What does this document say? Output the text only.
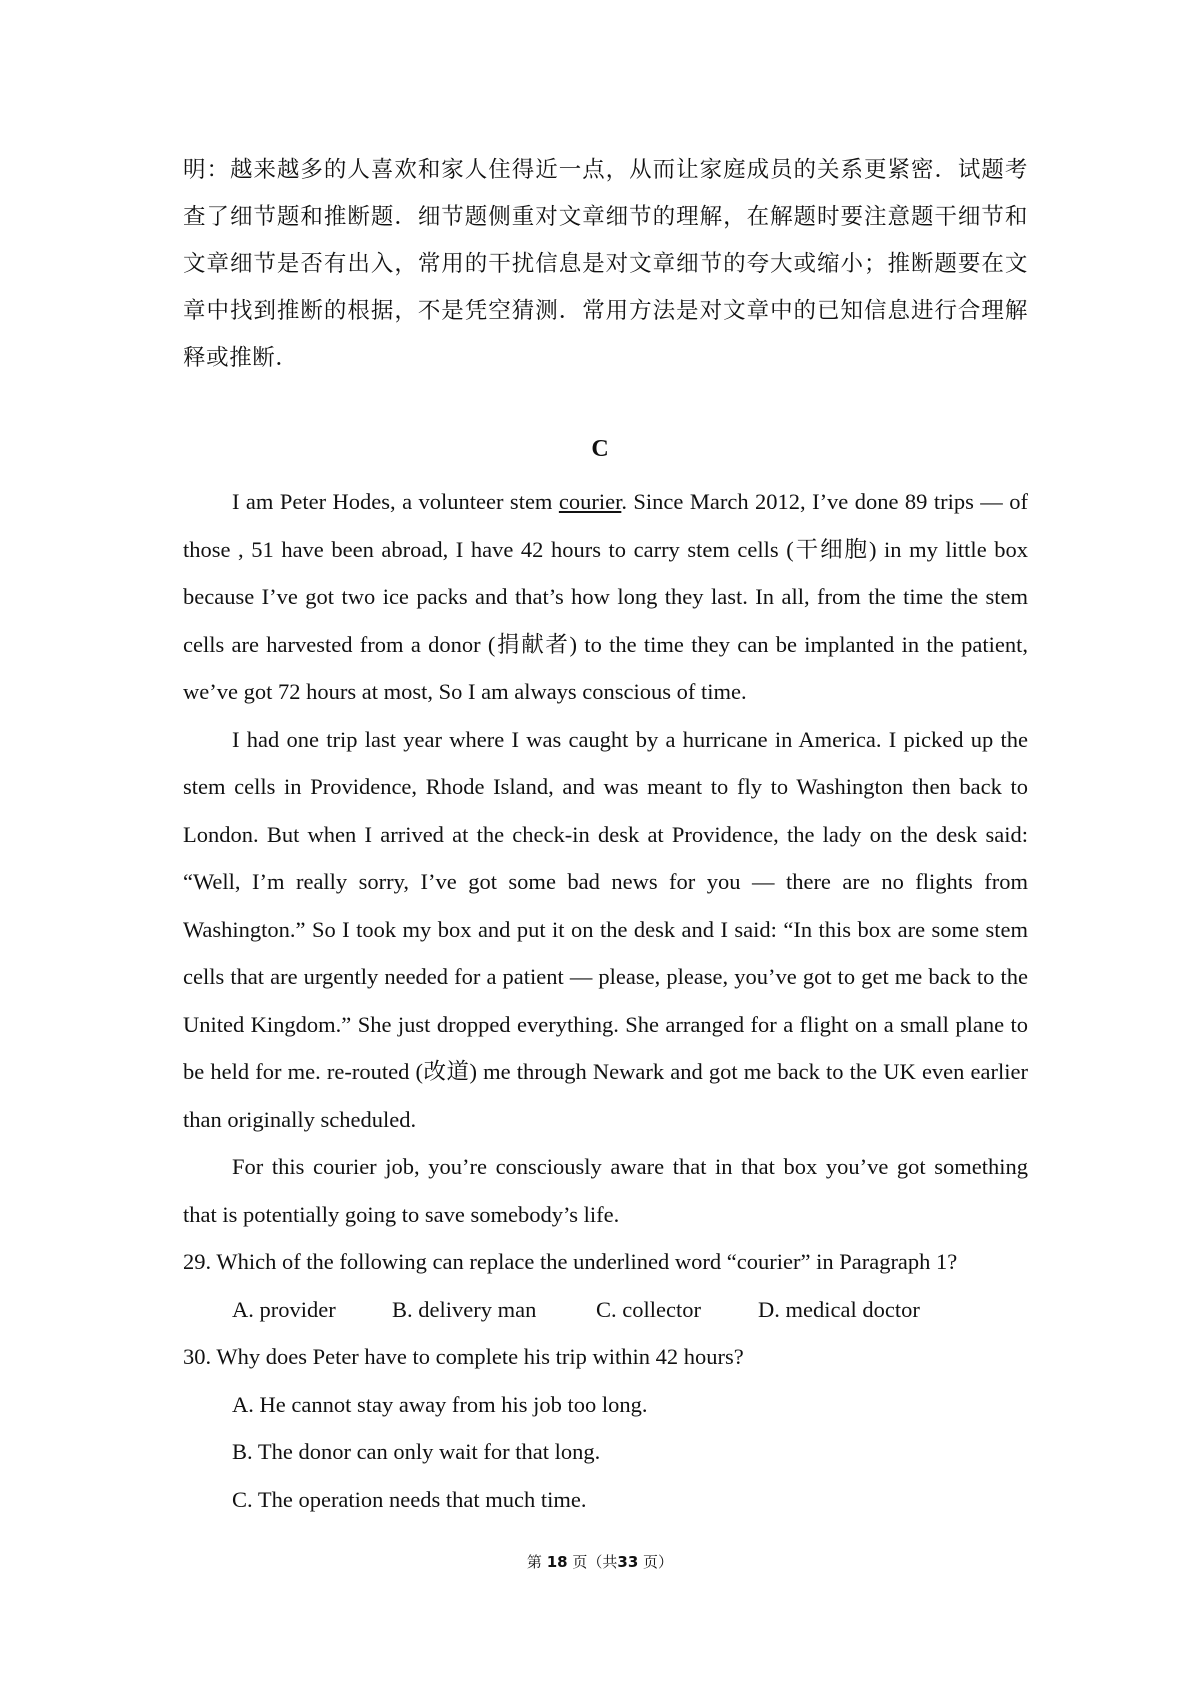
明：越来越多的人喜欢和家人住得近一点，从而让家庭成员的关系更紧密．试题考查了细节题和推断题．细节题侧重对文章细节的理解，在解题时要注意题干细节和文章细节是否有出入，常用的干扰信息是对文章细节的夸大或缩小；推断题要在文章中找到推断的根据，不是凭空猜测．常用方法是对文章中的已知信息进行合理解释或推断．
C

I am Peter Hodes, a volunteer stem courier. Since March 2012, I’ve done 89 trips — of those , 51 have been abroad, I have 42 hours to carry stem cells (干细胞) in my little box because I’ve got two ice packs and that’s how long they last. In all, from the time the stem cells are harvested from a donor (捐献者) to the time they can be implanted in the patient, we’ve got 72 hours at most, So I am always conscious of time.

I had one trip last year where I was caught by a hurricane in America. I picked up the stem cells in Providence, Rhode Island, and was meant to fly to Washington then back to London. But when I arrived at the check-in desk at Providence, the lady on the desk said: “Well, I’m really sorry, I’ve got some bad news for you — there are no flights from Washington.” So I took my box and put it on the desk and I said: “In this box are some stem cells that are urgently needed for a patient — please, please, you’ve got to get me back to the United Kingdom.” She just dropped everything. She arranged for a flight on a small plane to be held for me. re-routed (改道) me through Newark and got me back to the UK even earlier than originally scheduled.

For this courier job, you’re consciously aware that in that box you’ve got something that is potentially going to save somebody’s life.

29. Which of the following can replace the underlined word “courier” in Paragraph 1?
A. provider	B. delivery man	C. collector	D. medical doctor
30. Why does Peter have to complete his trip within 42 hours?
A. He cannot stay away from his job too long.
B. The donor can only wait for that long.
C. The operation needs that much time.
第 18 页（共33 页）
